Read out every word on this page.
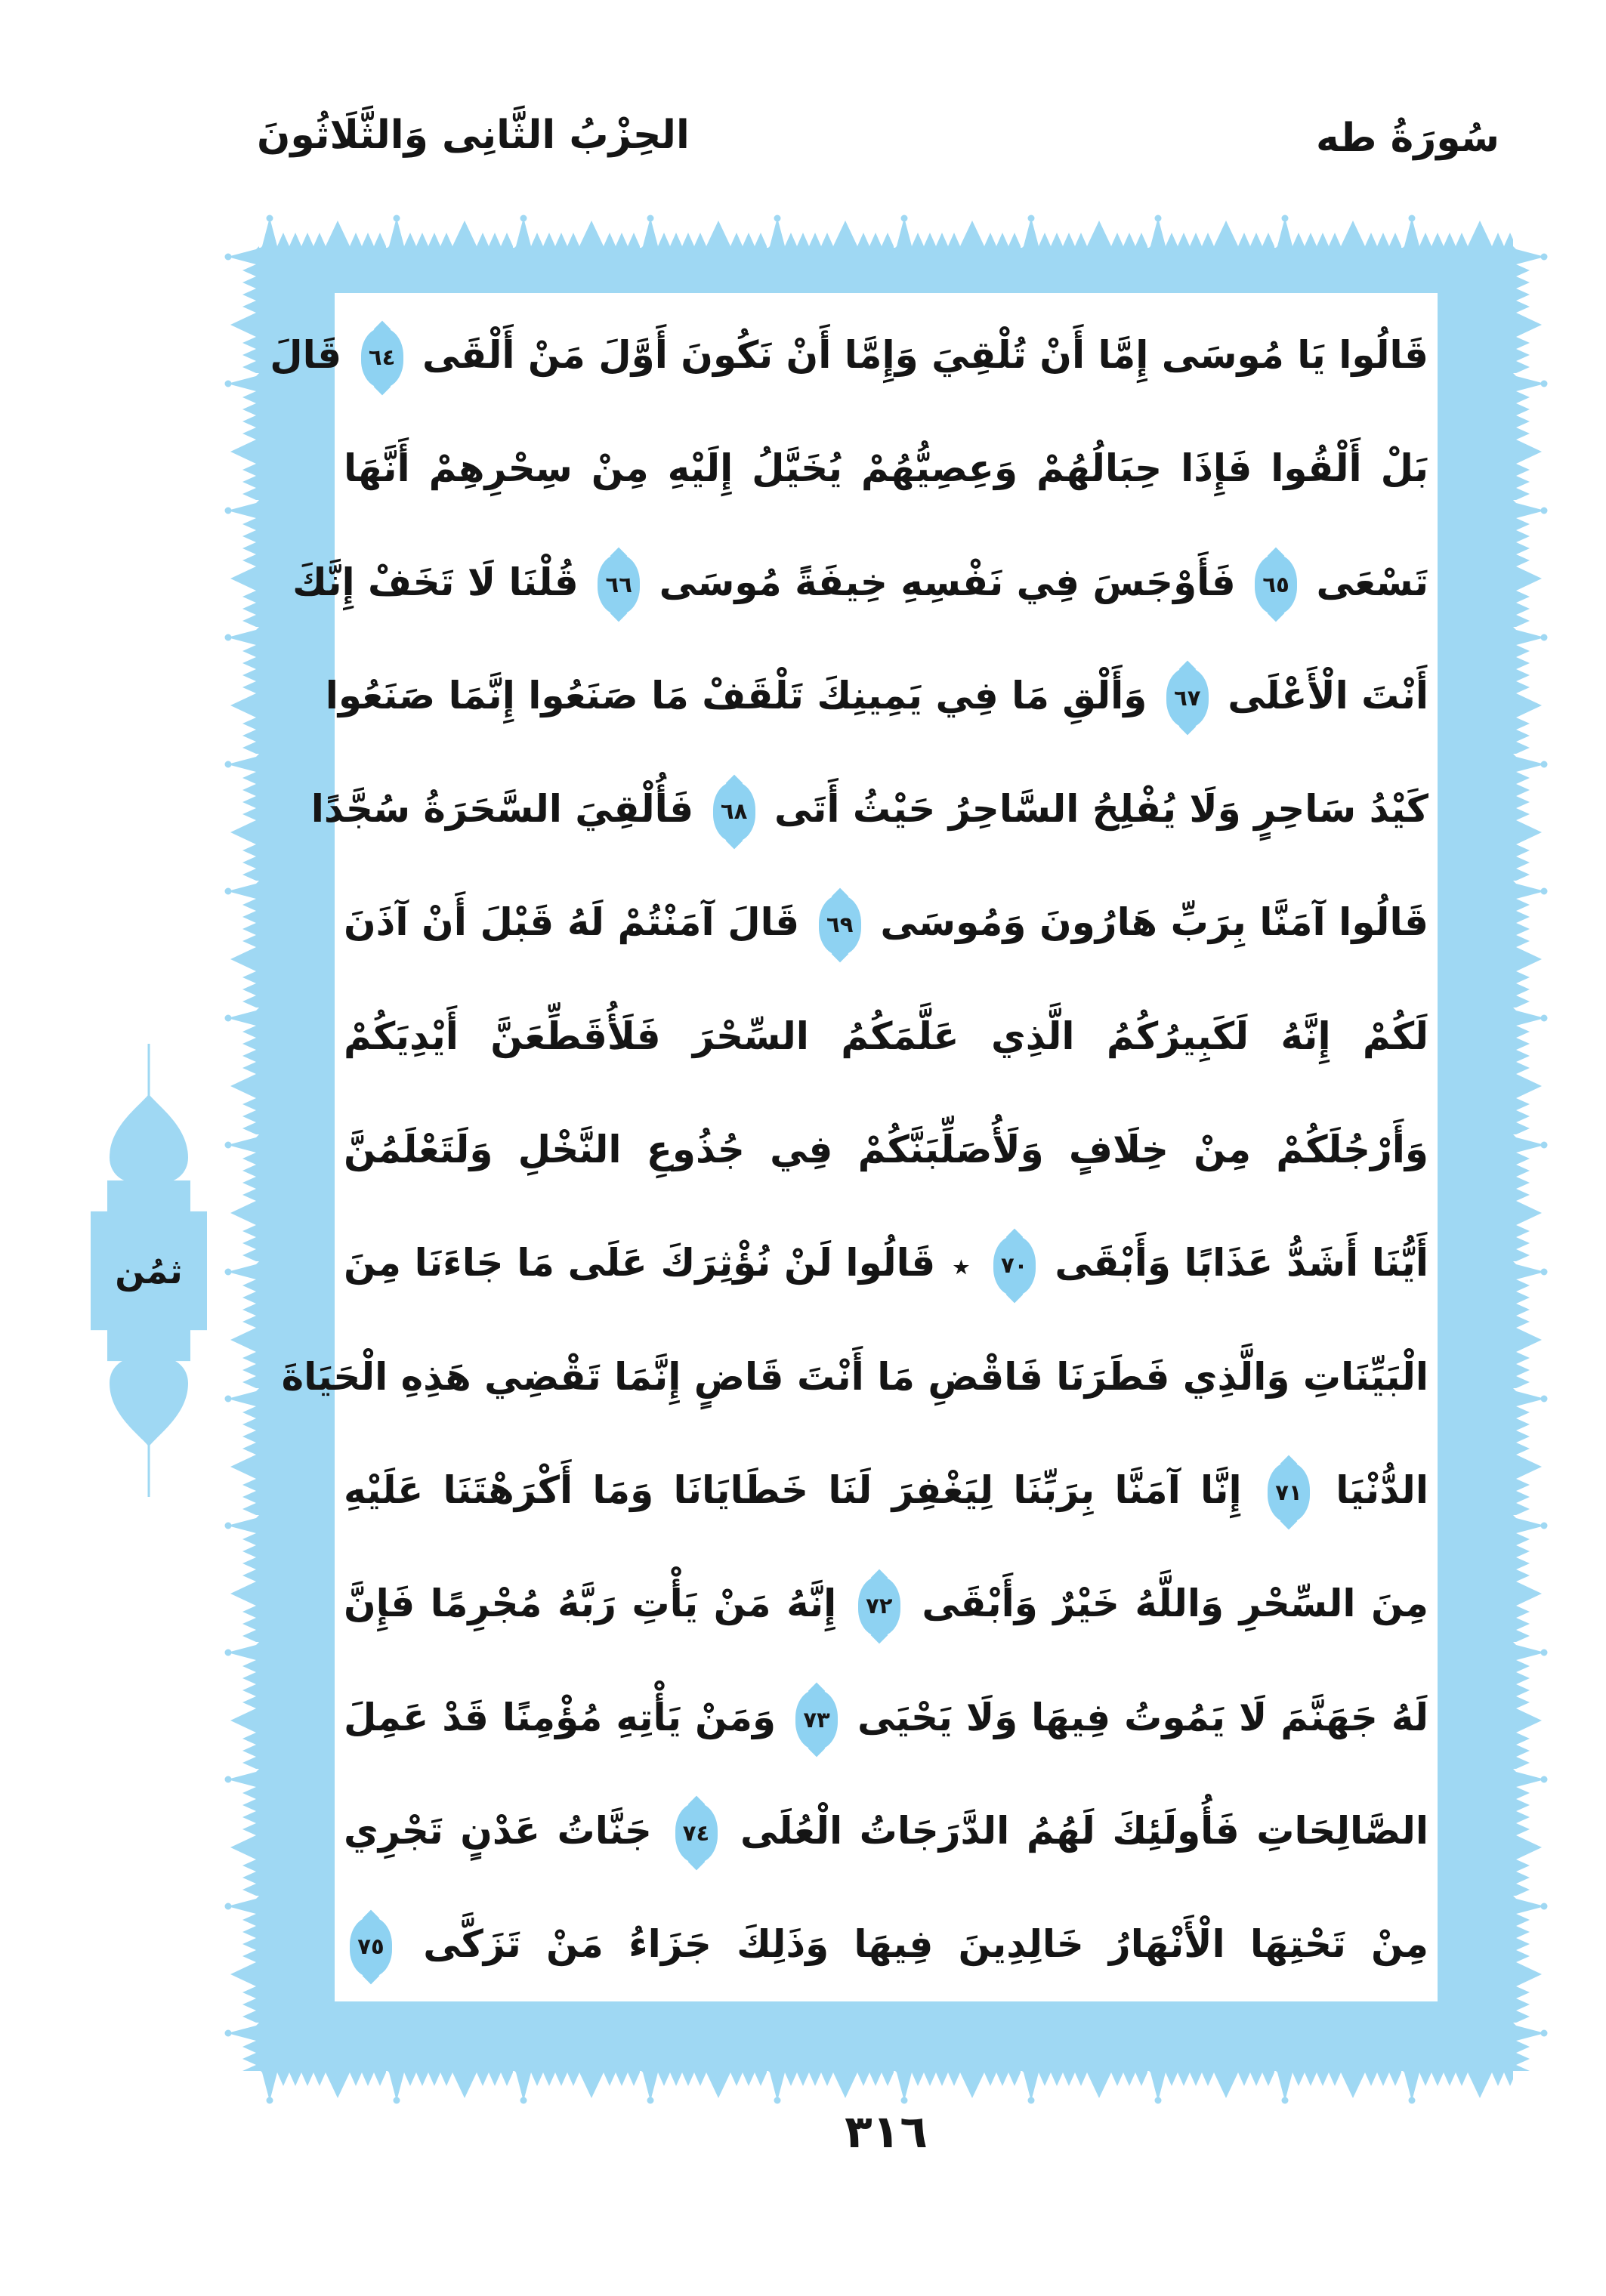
الحِزْبُ الثَّانِى وَالثَّلَاثُونَ	سُورَةُ طه
ثمُن
قَالُوا يَا مُوسَى إِمَّا أَنْ تُلْقِيَ وَإِمَّا أَنْ نَكُونَ أَوَّلَ مَنْ أَلْقَى
٦٤
قَالَ
بَلْ أَلْقُوا فَإِذَا حِبَالُهُمْ وَعِصِيُّهُمْ يُخَيَّلُ إِلَيْهِ مِنْ سِحْرِهِمْ أَنَّهَا
تَسْعَى
٦٥
فَأَوْجَسَ فِي نَفْسِهِ خِيفَةً مُوسَى
٦٦
قُلْنَا لَا تَخَفْ إِنَّكَ
أَنْتَ الْأَعْلَى
٦٧
وَأَلْقِ مَا فِي يَمِينِكَ تَلْقَفْ مَا صَنَعُوا إِنَّمَا صَنَعُوا
كَيْدُ سَاحِرٍ وَلَا يُفْلِحُ السَّاحِرُ حَيْثُ أَتَى
٦٨
فَأُلْقِيَ السَّحَرَةُ سُجَّدًا
قَالُوا آمَنَّا بِرَبِّ هَارُونَ وَمُوسَى
٦٩
قَالَ آمَنْتُمْ لَهُ قَبْلَ أَنْ آذَنَ
لَكُمْ إِنَّهُ لَكَبِيرُكُمُ الَّذِي عَلَّمَكُمُ السِّحْرَ فَلَأُقَطِّعَنَّ أَيْدِيَكُمْ
وَأَرْجُلَكُمْ مِنْ خِلَافٍ وَلَأُصَلِّبَنَّكُمْ فِي جُذُوعِ النَّخْلِ وَلَتَعْلَمُنَّ
أَيُّنَا أَشَدُّ عَذَابًا وَأَبْقَى
٧٠
٭ قَالُوا لَنْ نُؤْثِرَكَ عَلَى مَا جَاءَنَا مِنَ
الْبَيِّنَاتِ وَالَّذِي فَطَرَنَا فَاقْضِ مَا أَنْتَ قَاضٍ إِنَّمَا تَقْضِي هَذِهِ الْحَيَاةَ
الدُّنْيَا
٧١
إِنَّا آمَنَّا بِرَبِّنَا لِيَغْفِرَ لَنَا خَطَايَانَا وَمَا أَكْرَهْتَنَا عَلَيْهِ
مِنَ السِّحْرِ وَاللَّهُ خَيْرٌ وَأَبْقَى
٧٢
إِنَّهُ مَنْ يَأْتِ رَبَّهُ مُجْرِمًا فَإِنَّ
لَهُ جَهَنَّمَ لَا يَمُوتُ فِيهَا وَلَا يَحْيَى
٧٣
وَمَنْ يَأْتِهِ مُؤْمِنًا قَدْ عَمِلَ
الصَّالِحَاتِ فَأُولَئِكَ لَهُمُ الدَّرَجَاتُ الْعُلَى
٧٤
جَنَّاتُ عَدْنٍ تَجْرِي
مِنْ تَحْتِهَا الْأَنْهَارُ خَالِدِينَ فِيهَا وَذَلِكَ جَزَاءُ مَنْ تَزَكَّى
٧٥
٣١٦
